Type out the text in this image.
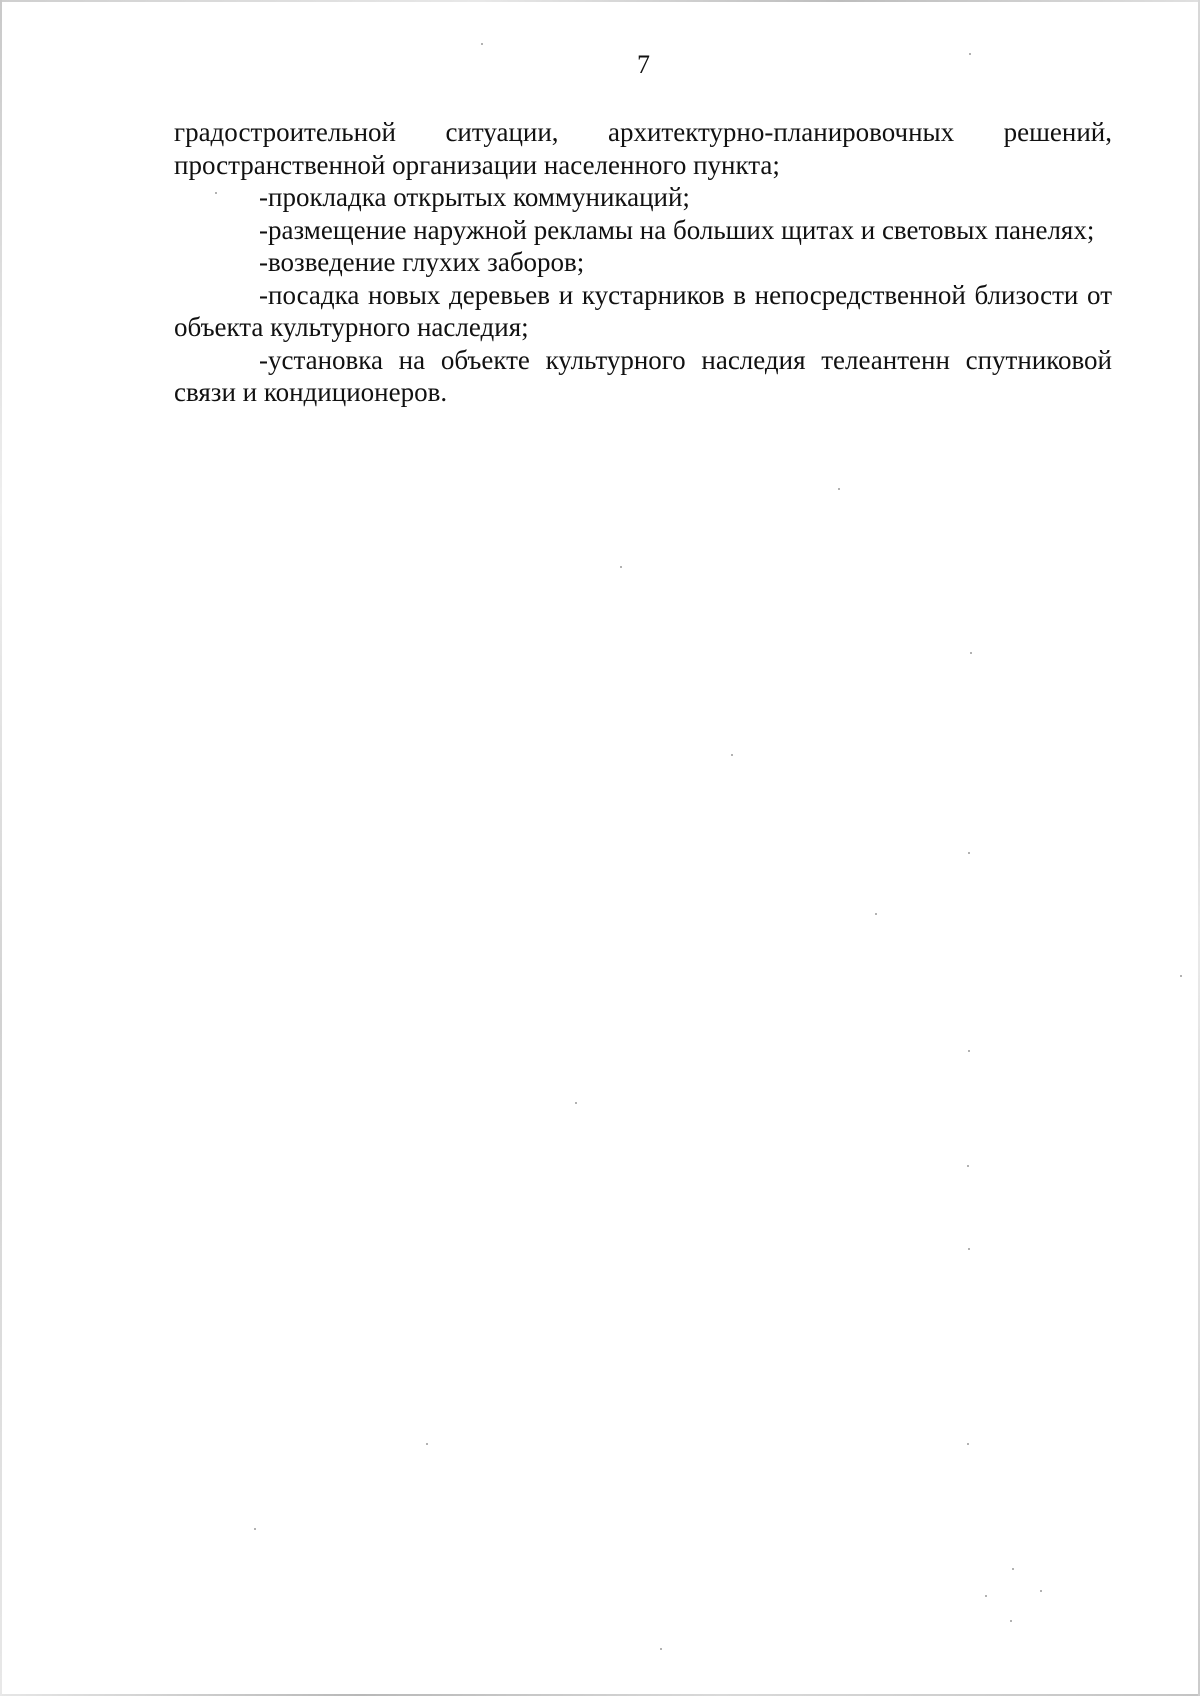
7

градостроительной ситуации, архитектурно-планировочных решений, пространственной организации населенного пункта;

-прокладка открытых коммуникаций;

-размещение наружной рекламы на больших щитах и световых панелях;

-возведение глухих заборов;

-посадка новых деревьев и кустарников в непосредственной близости от объекта культурного наследия;

-установка на объекте культурного наследия телеантенн спутниковой связи и кондиционеров.
